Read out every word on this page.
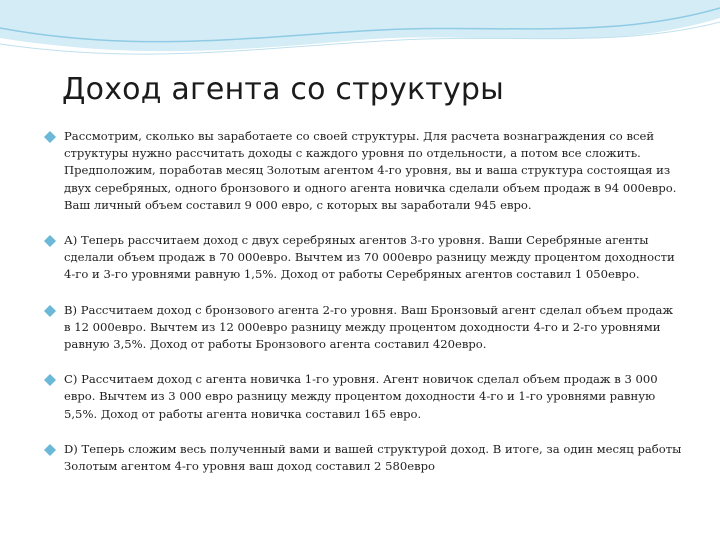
Доход агента со структуры
Рассмотрим, сколько вы заработаете со своей структуры. Для расчета вознаграждения со всей структуры нужно рассчитать доходы с каждого уровня по отдельности, а потом все сложить. Предположим, поработав месяц Золотым агентом 4-го уровня, вы и ваша структура состоящая из двух серебряных, одного бронзового и одного агента новичка сделали объем продаж в 94 000евро. Ваш личный объем составил 9 000 евро, с которых вы заработали 945 евро.
А) Теперь рассчитаем доход с двух серебряных агентов 3-го уровня. Ваши Серебряные агенты сделали объем продаж в 70 000евро. Вычтем из 70 000евро разницу между процентом доходности 4-го и 3-го уровнями равную 1,5%. Доход от работы Серебряных агентов составил 1 050евро.
В) Рассчитаем доход с бронзового агента 2-го уровня. Ваш Бронзовый агент сделал объем продаж в 12 000евро. Вычтем из 12 000евро разницу между процентом доходности 4-го и 2-го уровнями равную 3,5%. Доход от работы Бронзового агента составил 420евро.
С) Рассчитаем доход с агента новичка 1-го уровня. Агент новичок сделал объем продаж в 3 000 евро. Вычтем из 3 000 евро разницу между процентом доходности 4-го и 1-го уровнями равную 5,5%. Доход от работы агента новичка составил 165 евро.
D) Теперь сложим весь полученный вами и вашей структурой доход. В итоге, за один месяц работы Золотым агентом 4-го уровня ваш доход составил 2 580евро
